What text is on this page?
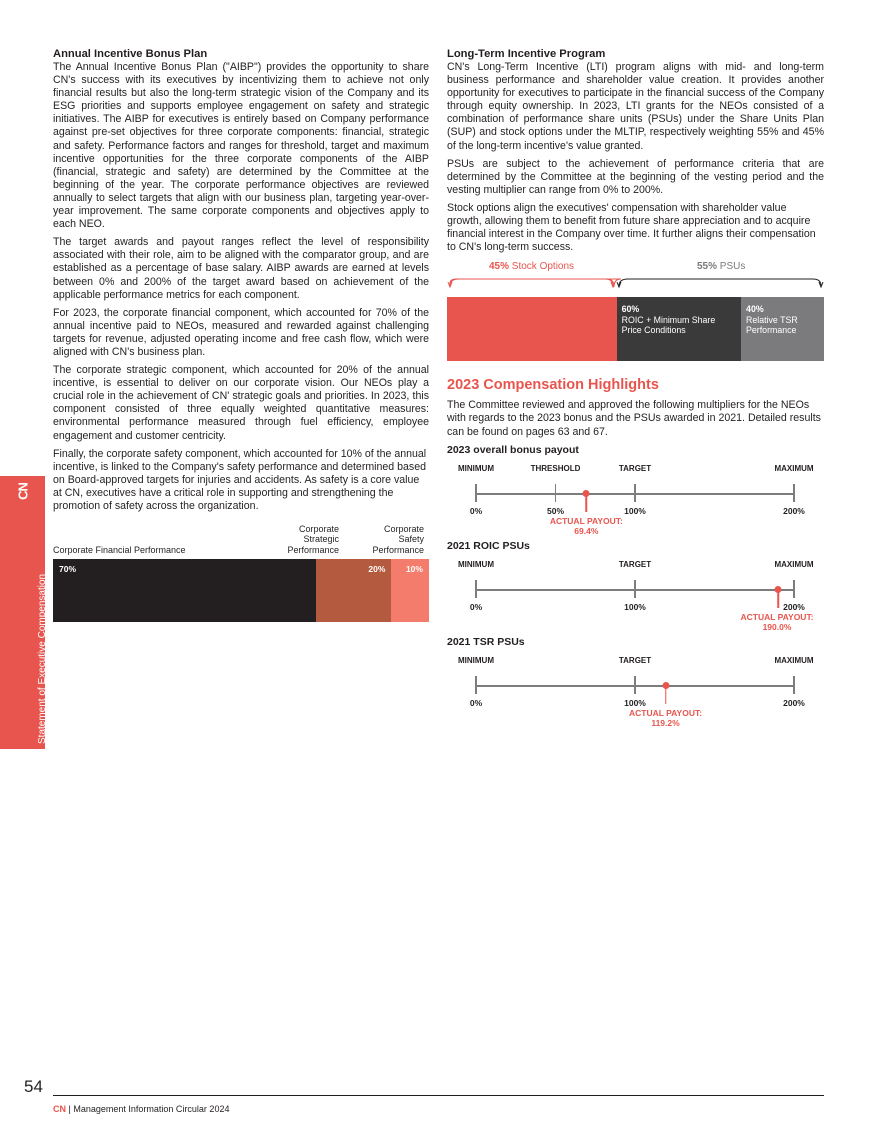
CN
Statement of Executive Compensation
Annual Incentive Bonus Plan

The Annual Incentive Bonus Plan ("AIBP") provides the opportunity to share CN's success with its executives by incentivizing them to achieve not only financial results but also the long-term strategic vision of the Company and its ESG priorities and supports employee engagement on safety and strategic initiatives. The AIBP for executives is entirely based on Company performance against pre-set objectives for three corporate components: financial, strategic and safety. Performance factors and ranges for threshold, target and maximum incentive opportunities for the three corporate components of the AIBP (financial, strategic and safety) are determined by the Committee at the beginning of the year. The corporate performance objectives are reviewed annually to select targets that align with our business plan, targeting year-over-year improvement. The same corporate components and objectives apply to each NEO.

The target awards and payout ranges reflect the level of responsibility associated with their role, aim to be aligned with the comparator group, and are established as a percentage of base salary. AIBP awards are earned at levels between 0% and 200% of the target award based on achievement of the applicable performance metrics for each component.

For 2023, the corporate financial component, which accounted for 70% of the annual incentive paid to NEOs, measured and rewarded against challenging targets for revenue, adjusted operating income and free cash flow, which were aligned with CN's business plan.

The corporate strategic component, which accounted for 20% of the annual incentive, is essential to deliver on our corporate vision. Our NEOs play a crucial role in the achievement of CN' strategic goals and priorities. In 2023, this component consisted of three equally weighted quantitative measures: environmental performance measured through fuel efficiency, employee engagement and customer centricity.

Finally, the corporate safety component, which accounted for 10% of the annual incentive, is linked to the Company's safety performance and determined based on Board-approved targets for injuries and accidents. As safety is a core value at CN, executives have a critical role in supporting and strengthening the promotion of safety across the organization.

Corporate Financial Performance
Corporate Strategic Performance
Corporate Safety Performance
70%	20%	10%
Long-Term Incentive Program

CN's Long-Term Incentive (LTI) program aligns with mid- and long-term business performance and shareholder value creation. It provides another opportunity for executives to participate in the financial success of the Company through equity ownership. In 2023, LTI grants for the NEOs consisted of a combination of performance share units (PSUs) under the Share Units Plan (SUP) and stock options under the MLTIP, respectively weighting 55% and 45% of the long-term incentive's value granted.

PSUs are subject to the achievement of performance criteria that are determined by the Committee at the beginning of the vesting period and the vesting multiplier can range from 0% to 200%.

Stock options align the executives' compensation with shareholder value growth, allowing them to benefit from future share appreciation and to acquire financial interest in the Company over time. It further aligns their compensation to CN's long-term success.

45% Stock Options	55% PSUs
60%
ROIC + Minimum Share Price Conditions
40%
Relative TSR Performance
2023 Compensation Highlights

The Committee reviewed and approved the following multipliers for the NEOs with regards to the 2023 bonus and the PSUs awarded in 2021. Detailed results can be found on pages 63 and 67.

2023 overall bonus payout
MINIMUM
0%
THRESHOLD
50%
TARGET
100%
MAXIMUM
200%
ACTUAL PAYOUT:
69.4%
2021 ROIC PSUs
MINIMUM
0%
TARGET
100%
MAXIMUM
200%
ACTUAL PAYOUT:
190.0%
2021 TSR PSUs
MINIMUM
0%
TARGET
100%
MAXIMUM
200%
ACTUAL PAYOUT:
119.2%
54
CN | Management Information Circular 2024
